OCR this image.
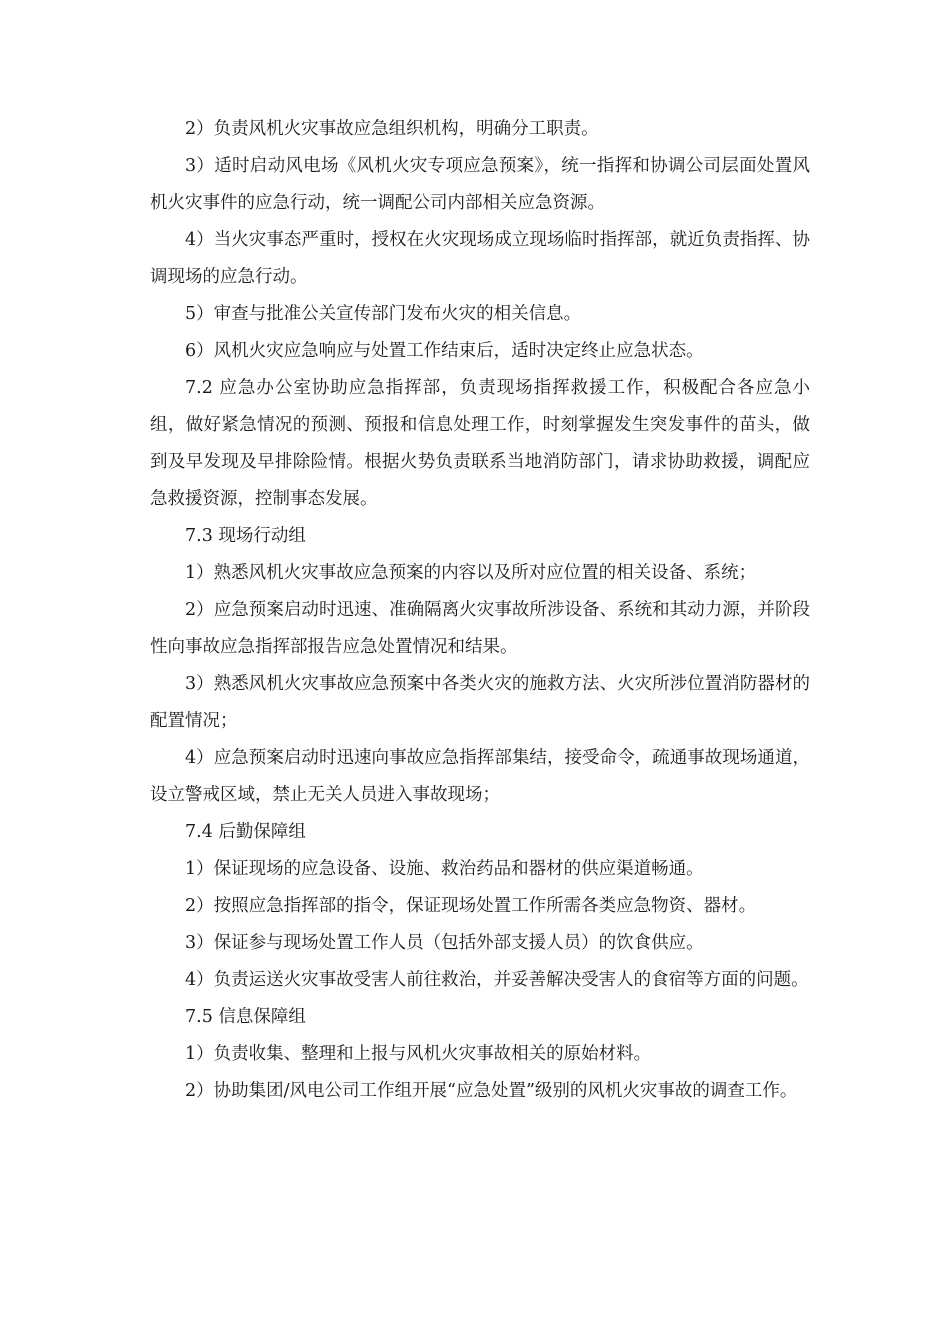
2）负责风机火灾事故应急组织机构，明确分工职责。

3）适时启动风电场《风机火灾专项应急预案》，统一指挥和协调公司层面处置风机火灾事件的应急行动，统一调配公司内部相关应急资源。

4）当火灾事态严重时，授权在火灾现场成立现场临时指挥部，就近负责指挥、协调现场的应急行动。

5）审查与批准公关宣传部门发布火灾的相关信息。

6）风机火灾应急响应与处置工作结束后，适时决定终止应急状态。

7.2 应急办公室协助应急指挥部，负责现场指挥救援工作，积极配合各应急小组，做好紧急情况的预测、预报和信息处理工作，时刻掌握发生突发事件的苗头，做到及早发现及早排除险情。根据火势负责联系当地消防部门，请求协助救援，调配应急救援资源，控制事态发展。

7.3 现场行动组

1）熟悉风机火灾事故应急预案的内容以及所对应位置的相关设备、系统；

2）应急预案启动时迅速、准确隔离火灾事故所涉设备、系统和其动力源，并阶段性向事故应急指挥部报告应急处置情况和结果。

3）熟悉风机火灾事故应急预案中各类火灾的施救方法、火灾所涉位置消防器材的配置情况；

4）应急预案启动时迅速向事故应急指挥部集结，接受命令，疏通事故现场通道，设立警戒区域，禁止无关人员进入事故现场；

7.4 后勤保障组

1）保证现场的应急设备、设施、救治药品和器材的供应渠道畅通。

2）按照应急指挥部的指令，保证现场处置工作所需各类应急物资、器材。

3）保证参与现场处置工作人员（包括外部支援人员）的饮食供应。

4）负责运送火灾事故受害人前往救治，并妥善解决受害人的食宿等方面的问题。

7.5 信息保障组

1）负责收集、整理和上报与风机火灾事故相关的原始材料。

2）协助集团/风电公司工作组开展“应急处置”级别的风机火灾事故的调查工作。
